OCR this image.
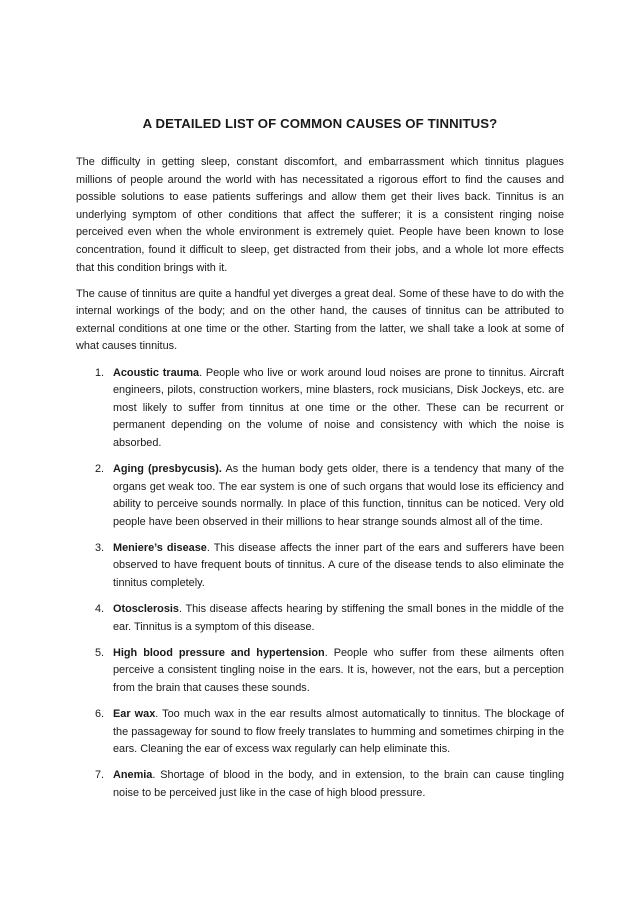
A DETAILED LIST OF COMMON CAUSES OF TINNITUS?

The difficulty in getting sleep, constant discomfort, and embarrassment which tinnitus plagues millions of people around the world with has necessitated a rigorous effort to find the causes and possible solutions to ease patients sufferings and allow them get their lives back. Tinnitus is an underlying symptom of other conditions that affect the sufferer; it is a consistent ringing noise perceived even when the whole environment is extremely quiet. People have been known to lose concentration, found it difficult to sleep, get distracted from their jobs, and a whole lot more effects that this condition brings with it.

The cause of tinnitus are quite a handful yet diverges a great deal. Some of these have to do with the internal workings of the body; and on the other hand, the causes of tinnitus can be attributed to external conditions at one time or the other. Starting from the latter, we shall take a look at some of what causes tinnitus.

1. Acoustic trauma. People who live or work around loud noises are prone to tinnitus. Aircraft engineers, pilots, construction workers, mine blasters, rock musicians, Disk Jockeys, etc. are most likely to suffer from tinnitus at one time or the other. These can be recurrent or permanent depending on the volume of noise and consistency with which the noise is absorbed.
2. Aging (presbycusis). As the human body gets older, there is a tendency that many of the organs get weak too. The ear system is one of such organs that would lose its efficiency and ability to perceive sounds normally. In place of this function, tinnitus can be noticed. Very old people have been observed in their millions to hear strange sounds almost all of the time.
3. Meniere’s disease. This disease affects the inner part of the ears and sufferers have been observed to have frequent bouts of tinnitus. A cure of the disease tends to also eliminate the tinnitus completely.
4. Otosclerosis. This disease affects hearing by stiffening the small bones in the middle of the ear. Tinnitus is a symptom of this disease.
5. High blood pressure and hypertension. People who suffer from these ailments often perceive a consistent tingling noise in the ears. It is, however, not the ears, but a perception from the brain that causes these sounds.
6. Ear wax. Too much wax in the ear results almost automatically to tinnitus. The blockage of the passageway for sound to flow freely translates to humming and sometimes chirping in the ears. Cleaning the ear of excess wax regularly can help eliminate this.
7. Anemia. Shortage of blood in the body, and in extension, to the brain can cause tingling noise to be perceived just like in the case of high blood pressure.
